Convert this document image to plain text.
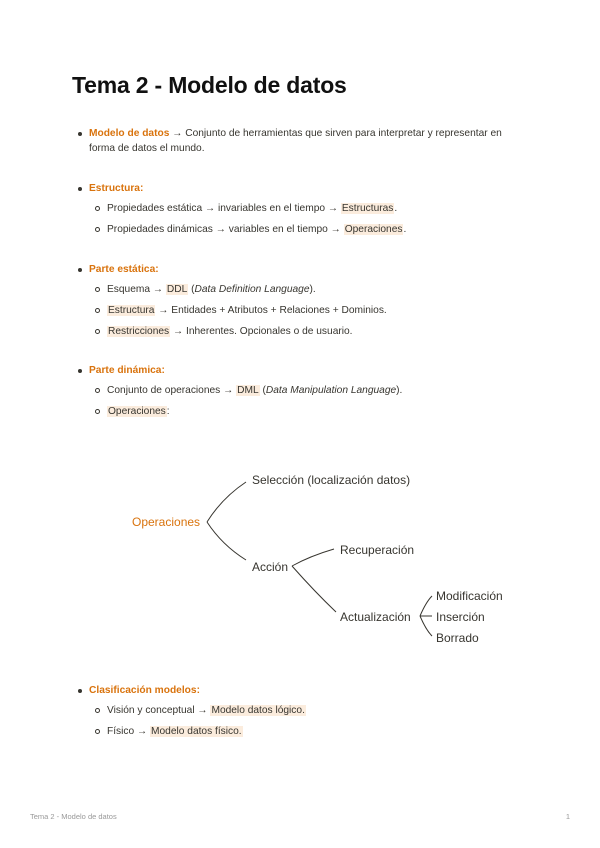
Tema 2 - Modelo de datos
Modelo de datos → Conjunto de herramientas que sirven para interpretar y representar en forma de datos el mundo.
Estructura:
Propiedades estática → invariables en el tiempo → Estructuras.
Propiedades dinámicas → variables en el tiempo → Operaciones.
Parte estática:
Esquema → DDL (Data Definition Language).
Estructura → Entidades + Atributos + Relaciones + Dominios.
Restricciones → Inherentes. Opcionales o de usuario.
Parte dinámica:
Conjunto de operaciones → DML (Data Manipulation Language).
Operaciones:
Operaciones
Selección (localización datos)
Acción
Recuperación
Actualización
Modificación
Inserción
Borrado
Clasificación modelos:
Visión y conceptual → Modelo datos lógico.
Físico → Modelo datos físico.
Tema 2 - Modelo de datos	1
